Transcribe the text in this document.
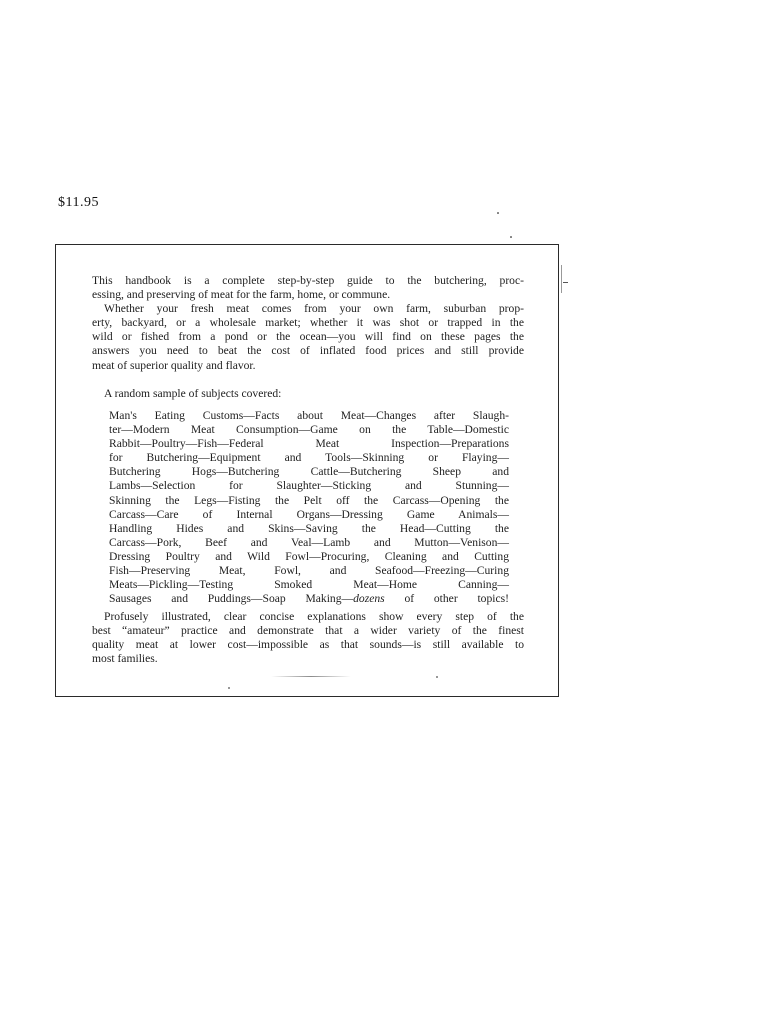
$11.95
This handbook is a complete step-by-step guide to the butchering, proc-
essing, and preserving of meat for the farm, home, or commune.
Whether your fresh meat comes from your own farm, suburban prop-
erty, backyard, or a wholesale market; whether it was shot or trapped in the
wild or fished from a pond or the ocean—you will find on these pages the
answers you need to beat the cost of inflated food prices and still provide
meat of superior quality and flavor.
A random sample of subjects covered:
Man's Eating Customs—Facts about Meat—Changes after Slaugh-
ter—Modern Meat Consumption—Game on the Table—Domestic
Rabbit—Poultry—Fish—Federal Meat Inspection—Preparations
for Butchering—Equipment and Tools—Skinning or Flaying—
Butchering Hogs—Butchering Cattle—Butchering Sheep and
Lambs—Selection for Slaughter—Sticking and Stunning—
Skinning the Legs—Fisting the Pelt off the Carcass—Opening the
Carcass—Care of Internal Organs—Dressing Game Animals—
Handling Hides and Skins—Saving the Head—Cutting the
Carcass—Pork, Beef and Veal—Lamb and Mutton—Venison—
Dressing Poultry and Wild Fowl—Procuring, Cleaning and Cutting
Fish—Preserving Meat, Fowl, and Seafood—Freezing—Curing
Meats—Pickling—Testing Smoked Meat—Home Canning—
Sausages and Puddings—Soap Making—dozens of other topics!
Profusely illustrated, clear concise explanations show every step of the
best “amateur” practice and demonstrate that a wider variety of the finest
quality meat at lower cost—impossible as that sounds—is still available to
most families.
